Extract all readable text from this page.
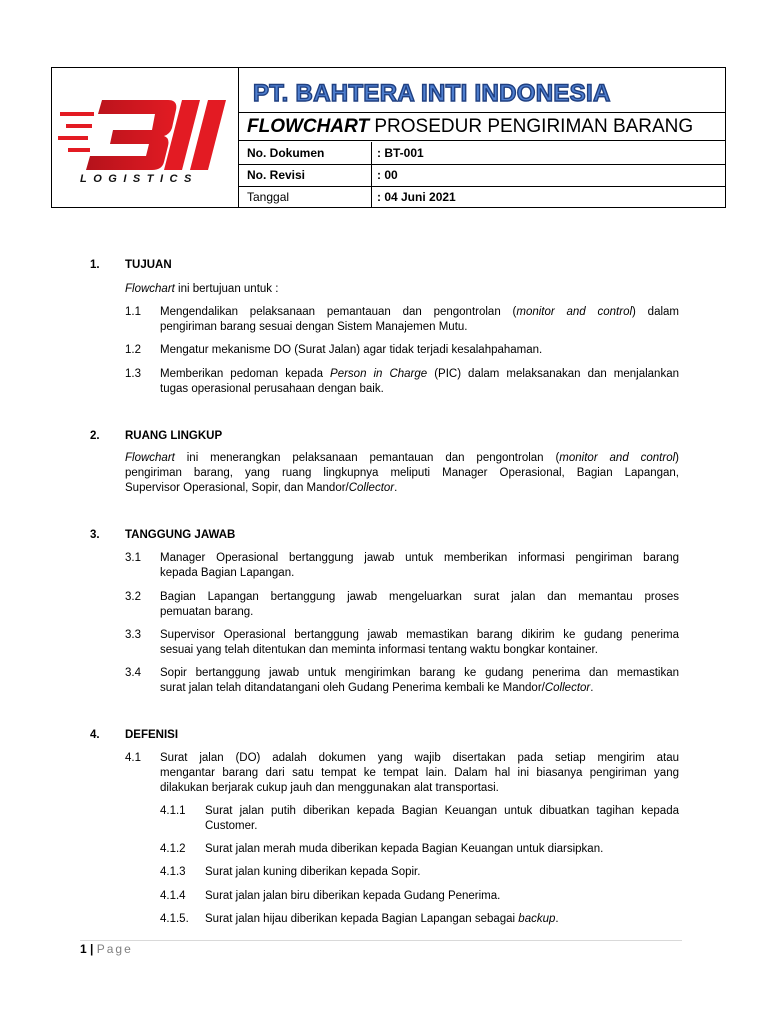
LOGISTICS
PT. BAHTERA INTI INDONESIA
FLOWCHART PROSEDUR PENGIRIMAN BARANG
No. Dokumen	: BT-001
No. Revisi	: 00
Tanggal	: 04 Juni 2021
1. TUJUAN
Flowchart ini bertujuan untuk :
1.1 Mengendalikan pelaksanaan pemantauan dan pengontrolan (monitor and control) dalam
pengiriman barang sesuai dengan Sistem Manajemen Mutu.
1.2 Mengatur mekanisme DO (Surat Jalan) agar tidak terjadi kesalahpahaman.
1.3 Memberikan pedoman kepada Person in Charge (PIC) dalam melaksanakan dan menjalankan
tugas operasional perusahaan dengan baik.
2. RUANG LINGKUP
Flowchart ini menerangkan pelaksanaan pemantauan dan pengontrolan (monitor and control)
pengiriman barang, yang ruang lingkupnya meliputi Manager Operasional, Bagian Lapangan,
Supervisor Operasional, Sopir, dan Mandor/Collector.
3. TANGGUNG JAWAB
3.1 Manager Operasional bertanggung jawab untuk memberikan informasi pengiriman barang
kepada Bagian Lapangan.
3.2 Bagian Lapangan bertanggung jawab mengeluarkan surat jalan dan memantau proses
pemuatan barang.
3.3 Supervisor Operasional bertanggung jawab memastikan barang dikirim ke gudang penerima
sesuai yang telah ditentukan dan meminta informasi tentang waktu bongkar kontainer.
3.4 Sopir bertanggung jawab untuk mengirimkan barang ke gudang penerima dan memastikan
surat jalan telah ditandatangani oleh Gudang Penerima kembali ke Mandor/Collector.
4. DEFENISI
4.1 Surat jalan (DO) adalah dokumen yang wajib disertakan pada setiap mengirim atau
mengantar barang dari satu tempat ke tempat lain. Dalam hal ini biasanya pengiriman yang
dilakukan berjarak cukup jauh dan menggunakan alat transportasi.
4.1.1 Surat jalan putih diberikan kepada Bagian Keuangan untuk dibuatkan tagihan kepada
Customer.
4.1.2 Surat jalan merah muda diberikan kepada Bagian Keuangan untuk diarsipkan.
4.1.3 Surat jalan kuning diberikan kepada Sopir.
4.1.4 Surat jalan jalan biru diberikan kepada Gudang Penerima.
4.1.5. Surat jalan hijau diberikan kepada Bagian Lapangan sebagai backup.
1 | Page
